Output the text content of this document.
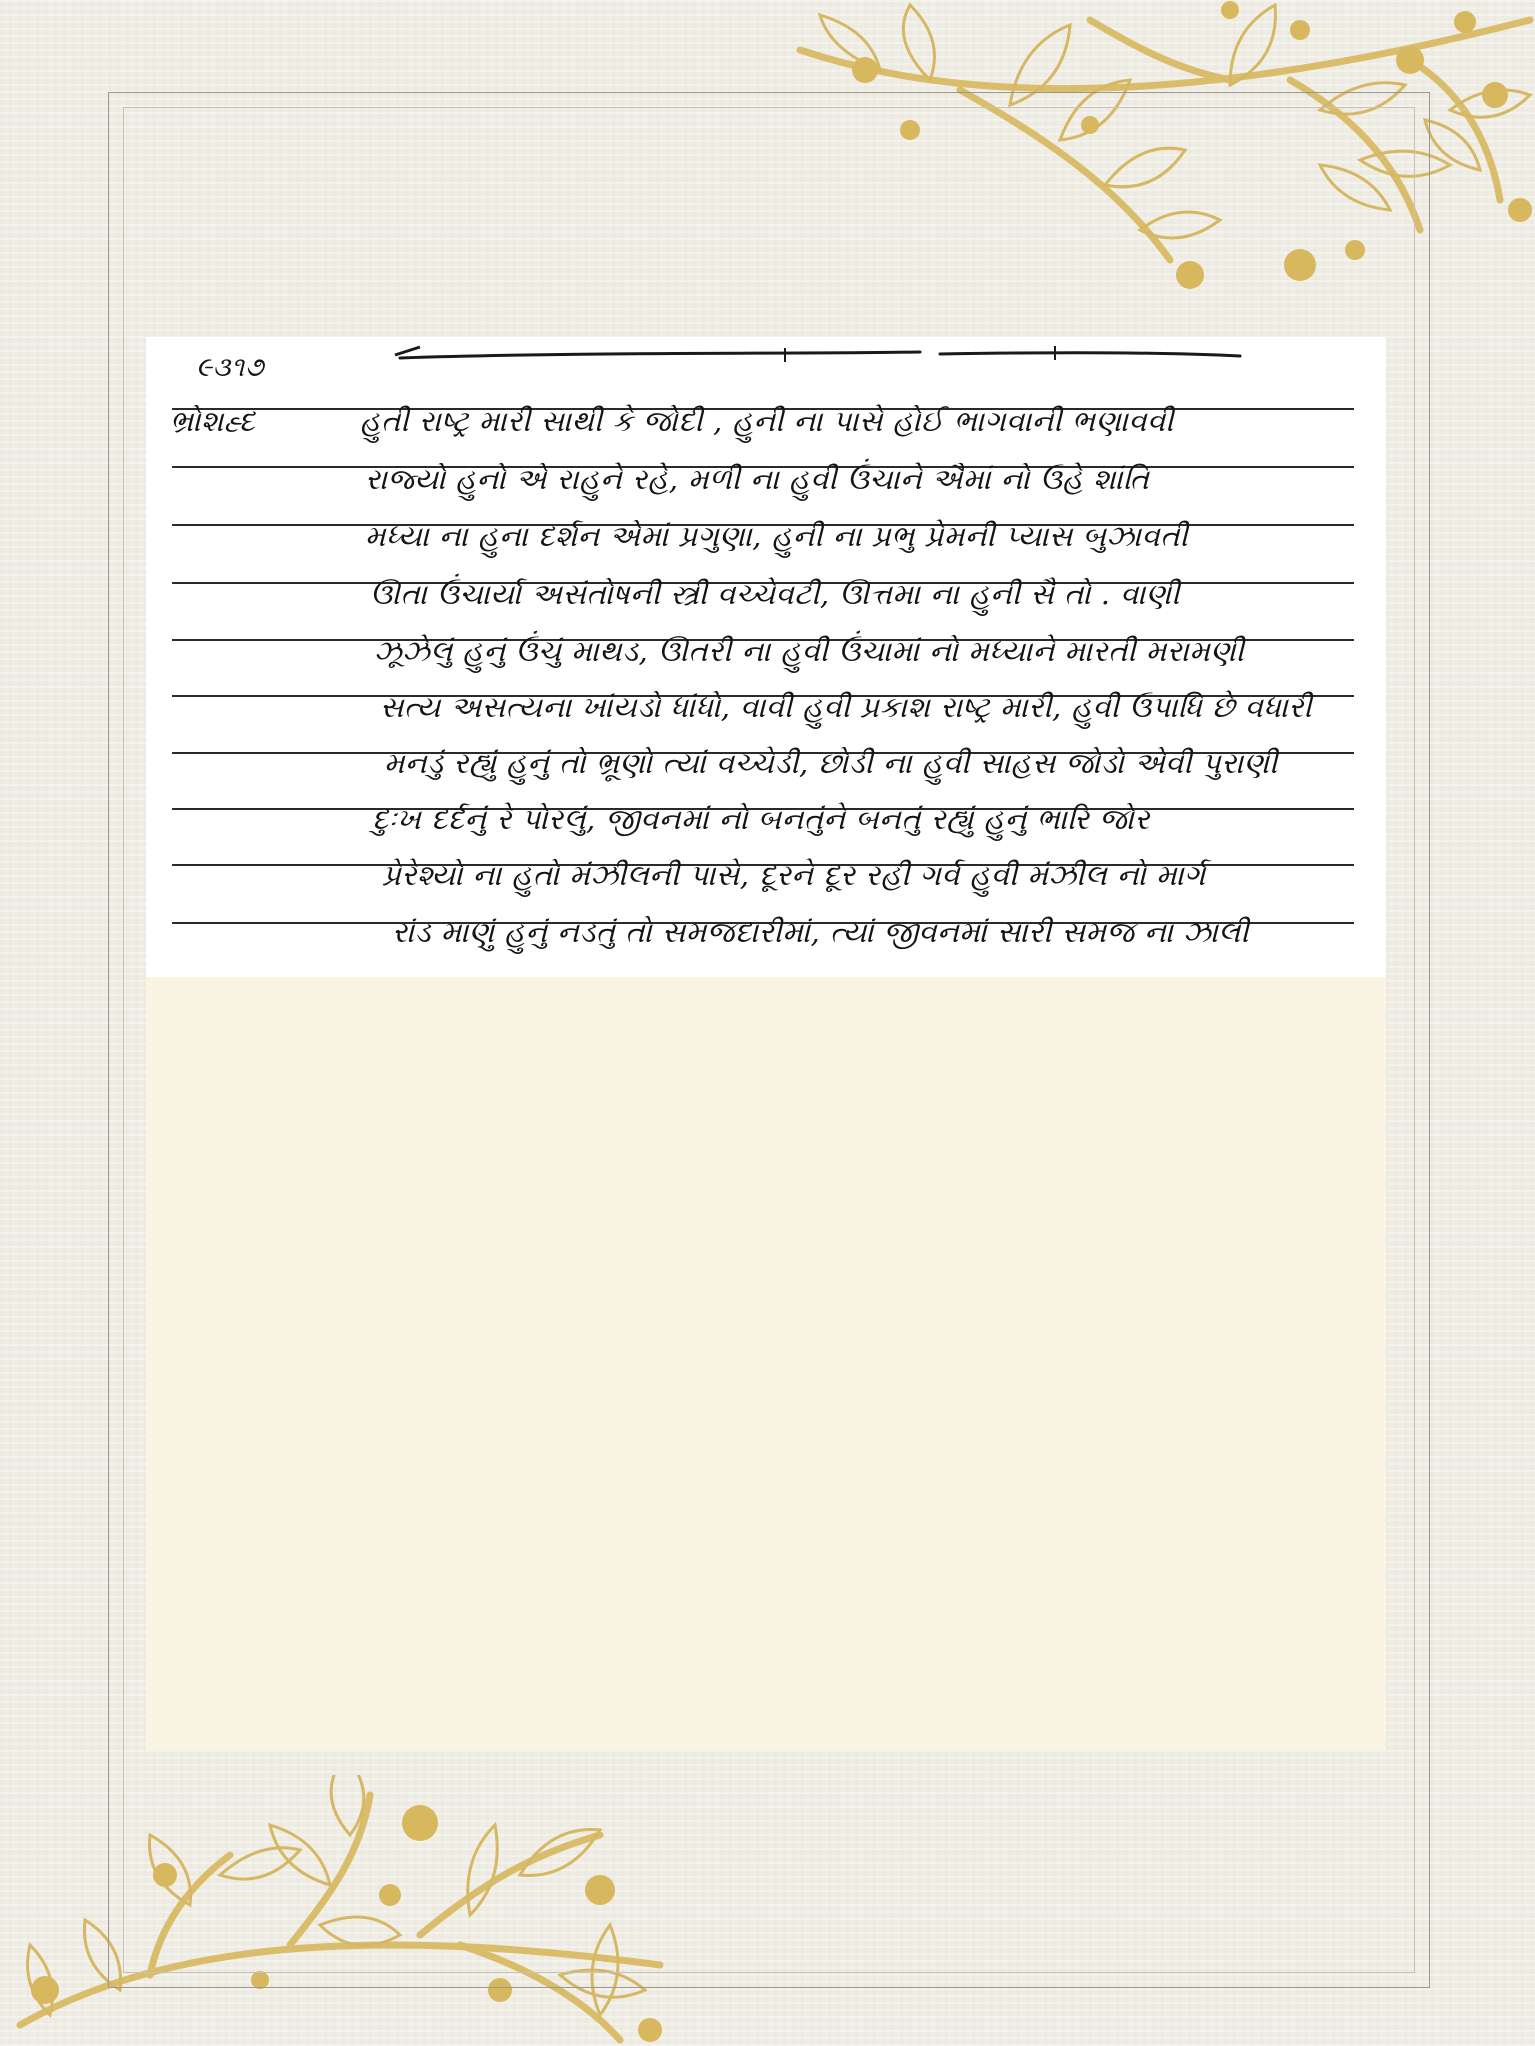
૯૩૧૭
ભ્રોશહ્દ	હુતી રાષ્ટ્ર મારી સાથી કે જોદી , હુની ના પાસે હોઈ ભાગવાની ભણાવવી
રાજ્યો હુનો એ રાહુને રહે, મળી ના હુવી ઉંચાને ઐમાં નો ઉહે શાંતિ
મધ્યા ના હુના દર્શન એમાં પ્રગુણા, હુની ના પ્રભુ પ્રેમની પ્યાસ બુઝાવતી
ઊતા ઉંચાર્યા અસંતોષની સ્ત્રી વચ્ચેવટી, ઊત્તમા ના હુની સૈ તો . વાણી
ઝૂઝેલું હુનું ઉંચું માથડ, ઊતરી ના હુવી ઉંચામાં નો મધ્યાને મારતી મરામણી
સત્ય અસત્યના ખાંયડો ધાંધો, વાવી હુવી પ્રકાશ રાષ્ટ્ર મારી, હુવી ઉપાધિ છે વધારી
મનડું રહ્યું હુનું તો ભ્રૂણો ત્યાં વચ્ચેડી, છોડી ના હુવી સાહસ જોડો એવી પુરાણી
દુઃખ દર્દનું રે પોરલું, જીવનમાં નો બનતુંને બનતું રહ્યું હુનું ભારિ જોર
પ્રેરેશ્યો ના હુતો મંઝીલની પાસે, દૂરને દૂર રહી ગર્વ હુવી મંઝીલ નો માર્ગ
રાંડ માણું હુનું નડતું તો સમજદારીમાં, ત્યાં જીવનમાં સારી સમજ ના ઝાલી
